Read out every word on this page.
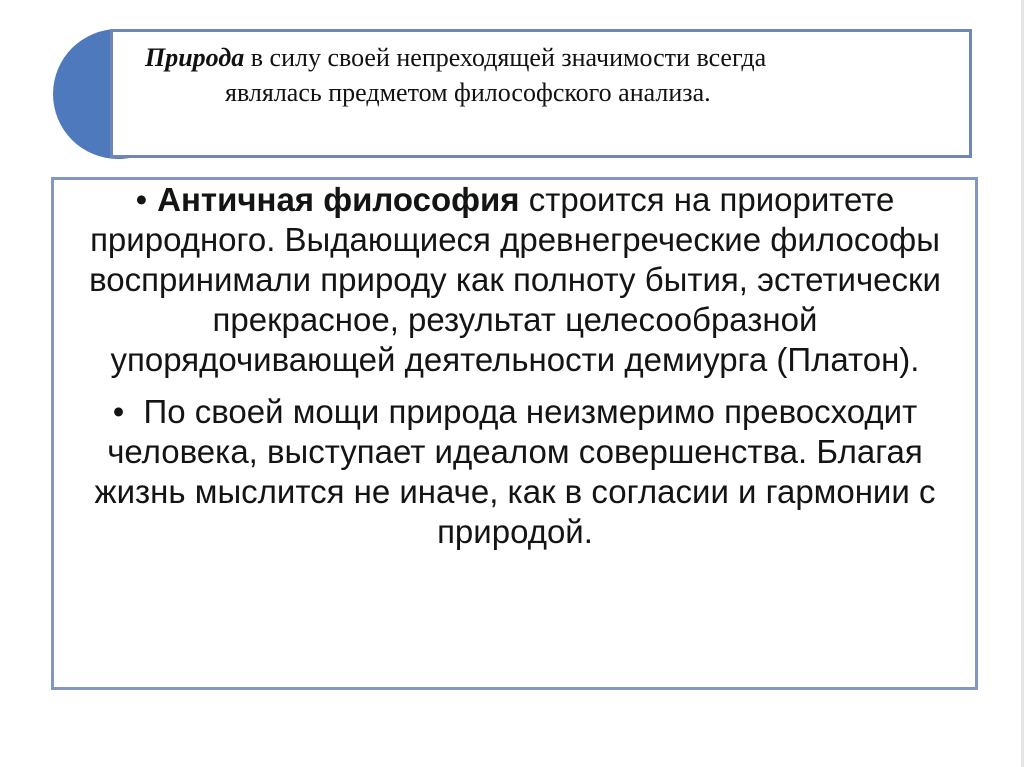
Природа в силу своей непреходящей значимости всегда
являлась предметом философского анализа.

• Античная философия строится на приоритете природного. Выдающиеся древнегреческие философы воспринимали природу как полноту бытия, эстетически прекрасное, результат целесообразной упорядочивающей деятельности демиурга (Платон).

• По своей мощи природа неизмеримо превосходит человека, выступает идеалом совершенства. Благая жизнь мыслится не иначе, как в согласии и гармонии с природой.
